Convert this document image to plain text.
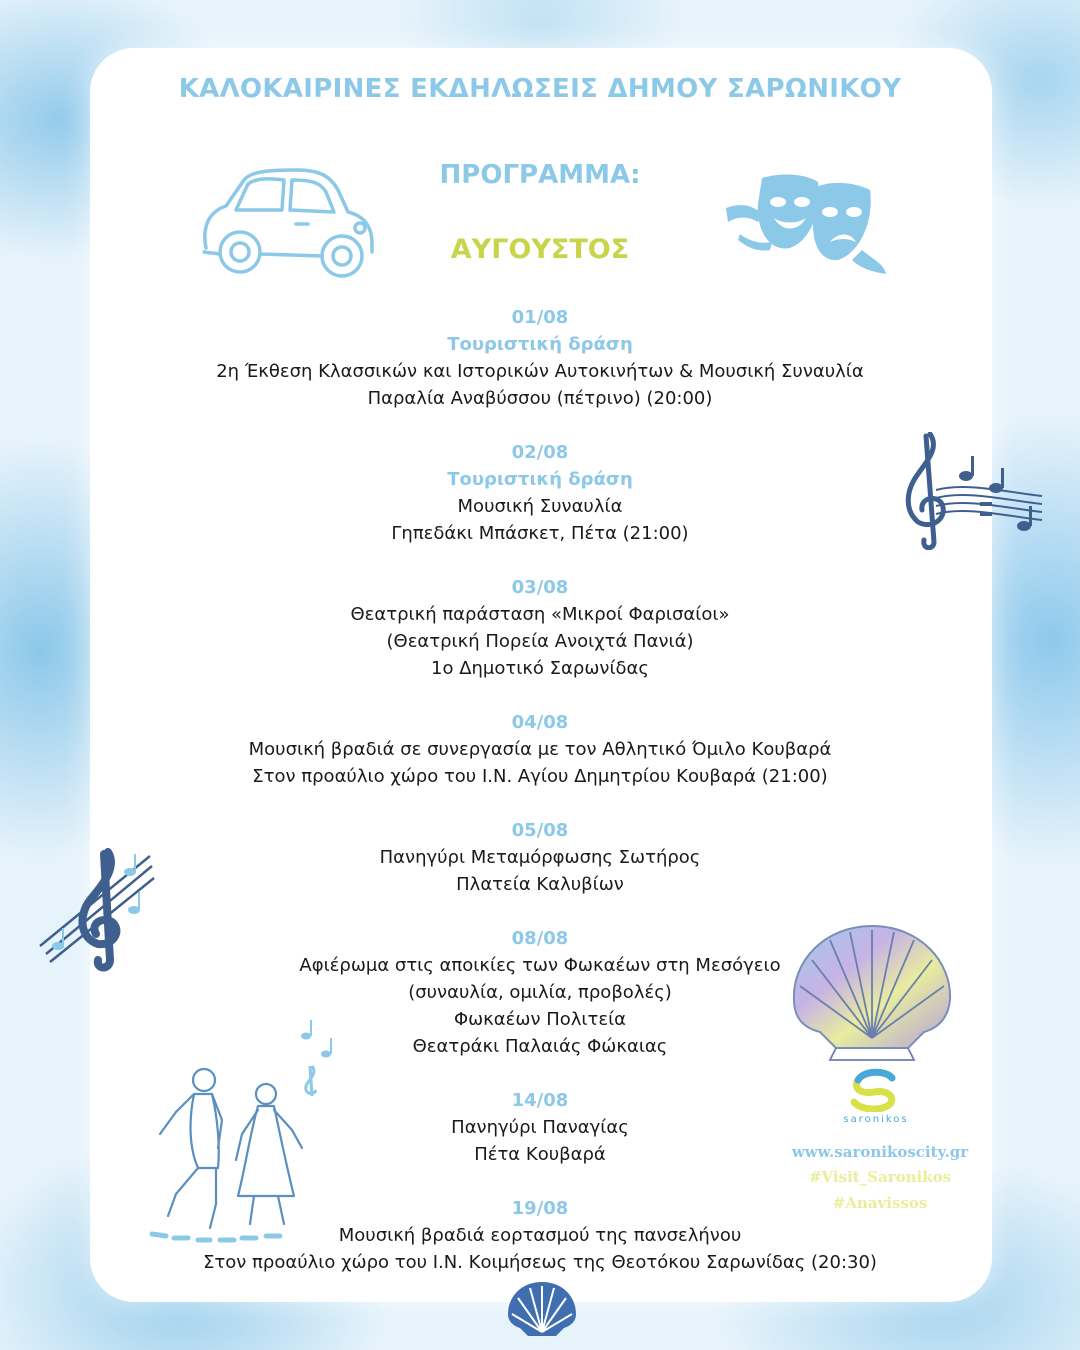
ΚΑΛΟΚΑΙΡΙΝΕΣ ΕΚΔΗΛΩΣΕΙΣ ΔΗΜΟΥ ΣΑΡΩΝΙΚΟΥ
ΠΡΟΓΡΑΜΜΑ:
ΑΥΓΟΥΣΤΟΣ
saronikos
www.saronikoscity.gr
#Visit_Saronikos
#Anavissos
01/08
Τουριστική δράση
2η Έκθεση Κλασσικών και Ιστορικών Αυτοκινήτων & Μουσική Συναυλία
Παραλία Αναβύσσου (πέτρινο) (20:00)
02/08
Τουριστική δράση
Μουσική Συναυλία
Γηπεδάκι Μπάσκετ, Πέτα (21:00)
03/08
Θεατρική παράσταση «Μικροί Φαρισαίοι»
(Θεατρική Πορεία Ανοιχτά Πανιά)
1ο Δημοτικό Σαρωνίδας
04/08
Μουσική βραδιά σε συνεργασία με τον Αθλητικό Όμιλο Κουβαρά
Στον προαύλιο χώρο του Ι.Ν. Αγίου Δημητρίου Κουβαρά (21:00)
05/08
Πανηγύρι Μεταμόρφωσης Σωτήρος
Πλατεία Καλυβίων
08/08
Αφιέρωμα στις αποικίες των Φωκαέων στη Μεσόγειο
(συναυλία, ομιλία, προβολές)
Φωκαέων Πολιτεία
Θεατράκι Παλαιάς Φώκαιας
14/08
Πανηγύρι Παναγίας
Πέτα Κουβαρά
19/08
Μουσική βραδιά εορτασμού της πανσελήνου
Στον προαύλιο χώρο του Ι.Ν. Κοιμήσεως της Θεοτόκου Σαρωνίδας (20:30)
